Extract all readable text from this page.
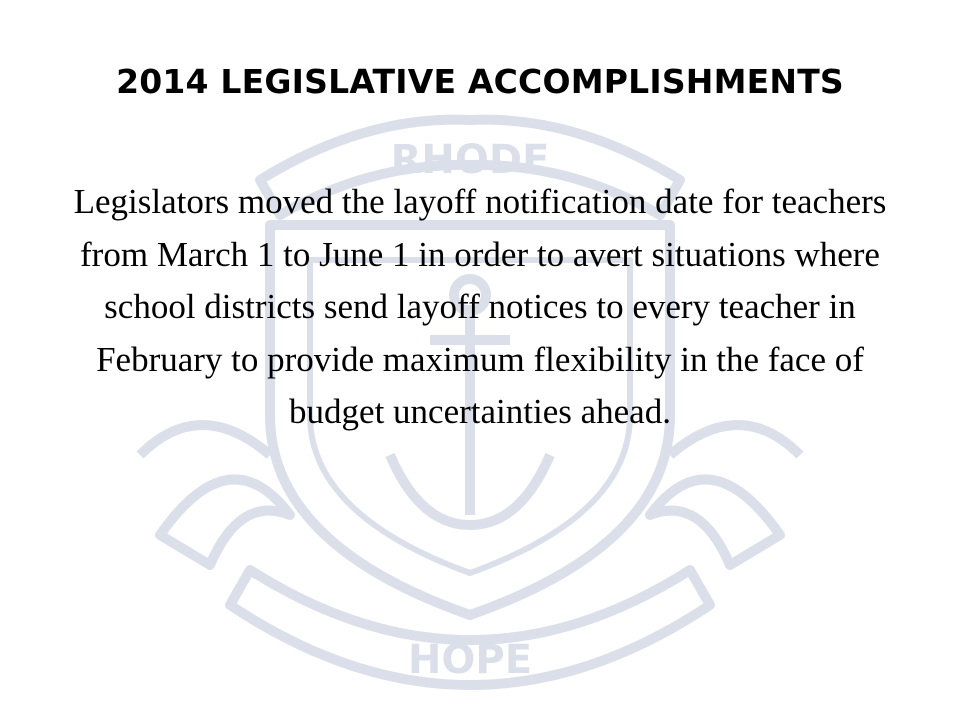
RHODE
HOPE
2014 LEGISLATIVE ACCOMPLISHMENTS

Legislators moved the layoff notification date for teachers from March 1 to June 1 in order to avert situations where school districts send layoff notices to every teacher in February to provide maximum flexibility in the face of budget uncertainties ahead.
